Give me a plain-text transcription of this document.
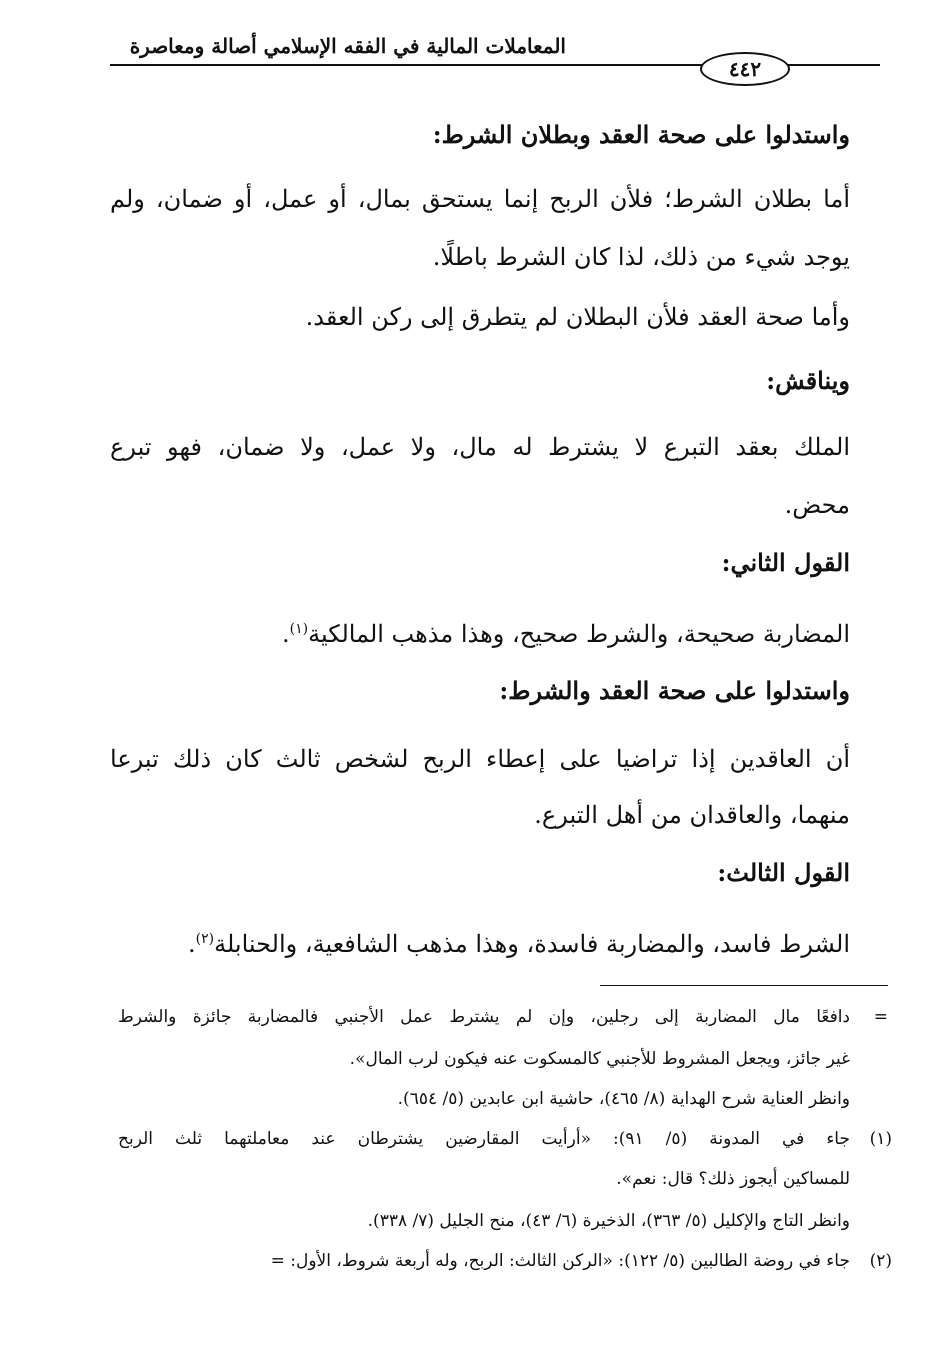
المعاملات المالية في الفقه الإسلامي أصالة ومعاصرة
٤٤٢
واستدلوا على صحة العقد وبطلان الشرط:
أما بطلان الشرط؛ فلأن الربح إنما يستحق بمال، أو عمل، أو ضمان، ولم
يوجد شيء من ذلك، لذا كان الشرط باطلًا.
وأما صحة العقد فلأن البطلان لم يتطرق إلى ركن العقد.
ويناقش:
الملك بعقد التبرع لا يشترط له مال، ولا عمل، ولا ضمان، فهو تبرع
محض.
القول الثاني:
المضاربة صحيحة، والشرط صحيح، وهذا مذهب المالكية$^{(١)}$.
واستدلوا على صحة العقد والشرط:
أن العاقدين إذا تراضيا على إعطاء الربح لشخص ثالث كان ذلك تبرعا
منهما، والعاقدان من أهل التبرع.
القول الثالث:
الشرط فاسد، والمضاربة فاسدة، وهذا مذهب الشافعية، والحنابلة$^{(٢)}$.
=
دافعًا مال المضاربة إلى رجلين، وإن لم يشترط عمل الأجنبي فالمضاربة جائزة والشرط
غير جائز، ويجعل المشروط للأجنبي كالمسكوت عنه فيكون لرب المال».
وانظر العناية شرح الهداية (٨/ ٤٦٥)، حاشية ابن عابدين (٥/ ٦٥٤).
(١)
جاء في المدونة (٥/ ٩١): «أرأيت المقارضين يشترطان عند معاملتهما ثلث الربح
للمساكين أيجوز ذلك؟ قال: نعم».
وانظر التاج والإكليل (٥/ ٣٦٣)، الذخيرة (٦/ ٤٣)، منح الجليل (٧/ ٣٣٨).
(٢)
جاء في روضة الطالبين (٥/ ١٢٢): «الركن الثالث: الربح، وله أربعة شروط، الأول: =
